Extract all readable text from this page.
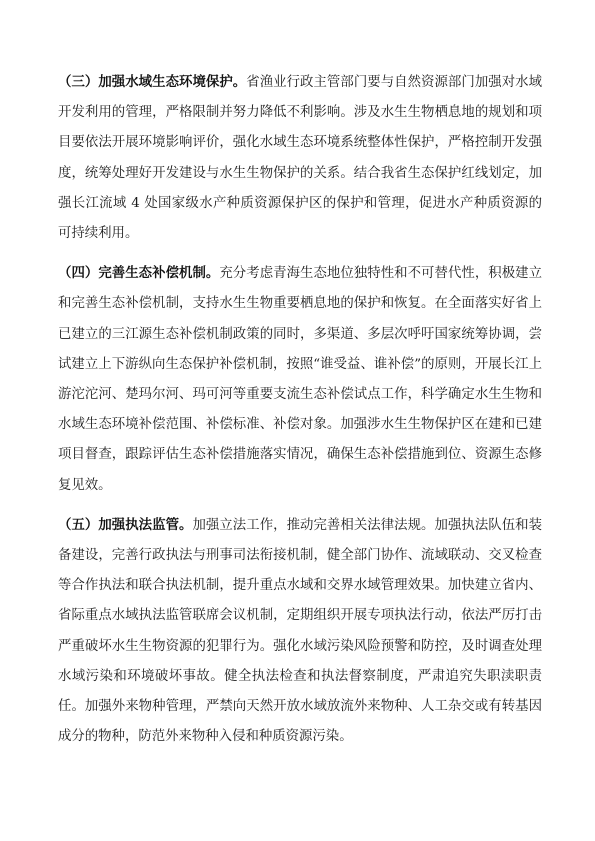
（三）加强水域生态环境保护。省渔业行政主管部门要与自然资源部门加强对水域开发利用的管理，严格限制并努力降低不利影响。涉及水生生物栖息地的规划和项目要依法开展环境影响评价，强化水域生态环境系统整体性保护，严格控制开发强度，统筹处理好开发建设与水生生物保护的关系。结合我省生态保护红线划定，加强长江流域 4 处国家级水产种质资源保护区的保护和管理，促进水产种质资源的可持续利用。

（四）完善生态补偿机制。充分考虑青海生态地位独特性和不可替代性，积极建立和完善生态补偿机制，支持水生生物重要栖息地的保护和恢复。在全面落实好省上已建立的三江源生态补偿机制政策的同时，多渠道、多层次呼吁国家统筹协调，尝试建立上下游纵向生态保护补偿机制，按照“谁受益、谁补偿”的原则，开展长江上游沱沱河、楚玛尔河、玛可河等重要支流生态补偿试点工作，科学确定水生生物和水域生态环境补偿范围、补偿标准、补偿对象。加强涉水生生物保护区在建和已建项目督查，跟踪评估生态补偿措施落实情况，确保生态补偿措施到位、资源生态修复见效。

（五）加强执法监管。加强立法工作，推动完善相关法律法规。加强执法队伍和装备建设，完善行政执法与刑事司法衔接机制，健全部门协作、流域联动、交叉检查等合作执法和联合执法机制，提升重点水域和交界水域管理效果。加快建立省内、省际重点水域执法监管联席会议机制，定期组织开展专项执法行动，依法严厉打击严重破坏水生生物资源的犯罪行为。强化水域污染风险预警和防控，及时调查处理水域污染和环境破坏事故。健全执法检查和执法督察制度，严肃追究失职渎职责任。加强外来物种管理，严禁向天然开放水域放流外来物种、人工杂交或有转基因成分的物种，防范外来物种入侵和种质资源污染。
